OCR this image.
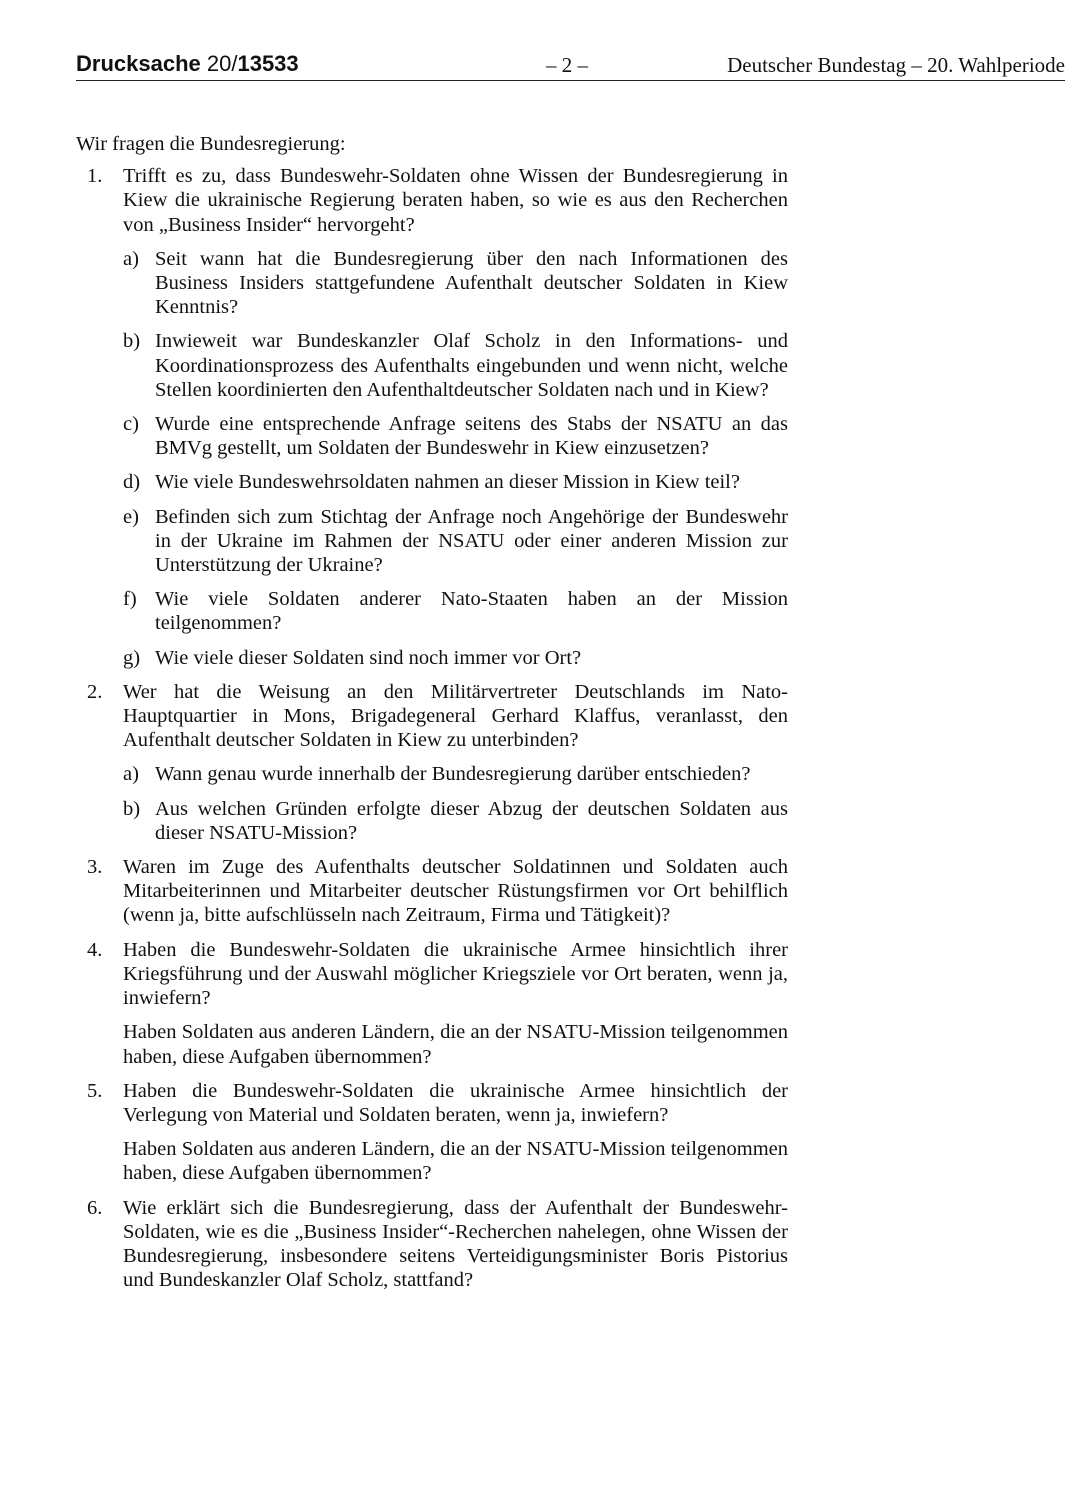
Drucksache 20/13533	– 2 –	Deutscher Bundestag – 20. Wahlperiode

Wir fragen die Bundesregierung:

1. Trifft es zu, dass Bundeswehr-Soldaten ohne Wissen der Bundesregierung in Kiew die ukrainische Regierung beraten haben, so wie es aus den Recherchen von „Business Insider“ hervorgeht?
a) Seit wann hat die Bundesregierung über den nach Informationen des Business Insiders stattgefundene Aufenthalt deutscher Soldaten in Kiew Kenntnis?
b) Inwieweit war Bundeskanzler Olaf Scholz in den Informations- und Koordinationsprozess des Aufenthalts eingebunden und wenn nicht, welche Stellen koordinierten den Aufenthaltdeutscher Soldaten nach und in Kiew?
c) Wurde eine entsprechende Anfrage seitens des Stabs der NSATU an das BMVg gestellt, um Soldaten der Bundeswehr in Kiew einzusetzen?
d) Wie viele Bundeswehrsoldaten nahmen an dieser Mission in Kiew teil?
e) Befinden sich zum Stichtag der Anfrage noch Angehörige der Bundeswehr in der Ukraine im Rahmen der NSATU oder einer anderen Mission zur Unterstützung der Ukraine?
f) Wie viele Soldaten anderer Nato-Staaten haben an der Mission teilgenommen?
g) Wie viele dieser Soldaten sind noch immer vor Ort?
2. Wer hat die Weisung an den Militärvertreter Deutschlands im Nato-Hauptquartier in Mons, Brigadegeneral Gerhard Klaffus, veranlasst, den Aufenthalt deutscher Soldaten in Kiew zu unterbinden?
a) Wann genau wurde innerhalb der Bundesregierung darüber entschieden?
b) Aus welchen Gründen erfolgte dieser Abzug der deutschen Soldaten aus dieser NSATU-Mission?
3. Waren im Zuge des Aufenthalts deutscher Soldatinnen und Soldaten auch Mitarbeiterinnen und Mitarbeiter deutscher Rüstungsfirmen vor Ort behilflich (wenn ja, bitte aufschlüsseln nach Zeitraum, Firma und Tätigkeit)?
4. Haben die Bundeswehr-Soldaten die ukrainische Armee hinsichtlich ihrer Kriegsführung und der Auswahl möglicher Kriegsziele vor Ort beraten, wenn ja, inwiefern?
Haben Soldaten aus anderen Ländern, die an der NSATU-Mission teilgenommen haben, diese Aufgaben übernommen?
5. Haben die Bundeswehr-Soldaten die ukrainische Armee hinsichtlich der Verlegung von Material und Soldaten beraten, wenn ja, inwiefern?
Haben Soldaten aus anderen Ländern, die an der NSATU-Mission teilgenommen haben, diese Aufgaben übernommen?
6. Wie erklärt sich die Bundesregierung, dass der Aufenthalt der Bundeswehr-Soldaten, wie es die „Business Insider“-Recherchen nahelegen, ohne Wissen der Bundesregierung, insbesondere seitens Verteidigungsminister Boris Pistorius und Bundeskanzler Olaf Scholz, stattfand?
